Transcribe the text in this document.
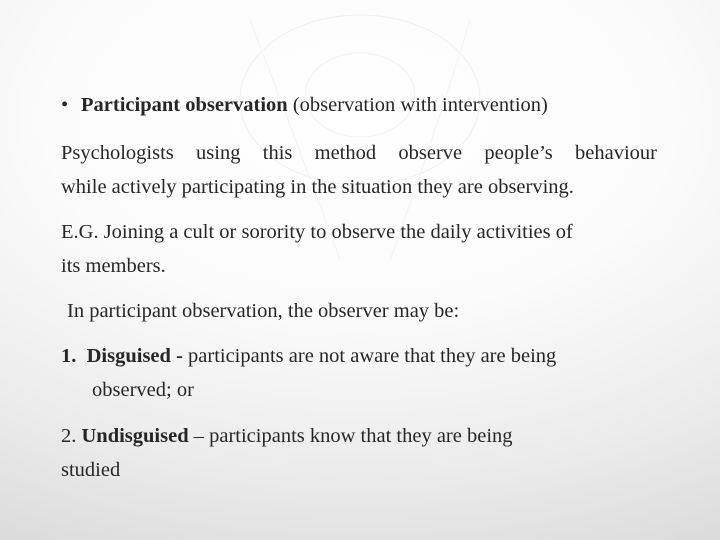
• Participant observation (observation with intervention)
Psychologists using this method observe people’s behaviour
while actively participating in the situation they are observing.
E.G. Joining a cult or sorority to observe the daily activities of
its members.
In participant observation, the observer may be:
1. Disguised - participants are not aware that they are being
observed; or
2. Undisguised – participants know that they are being
studied
